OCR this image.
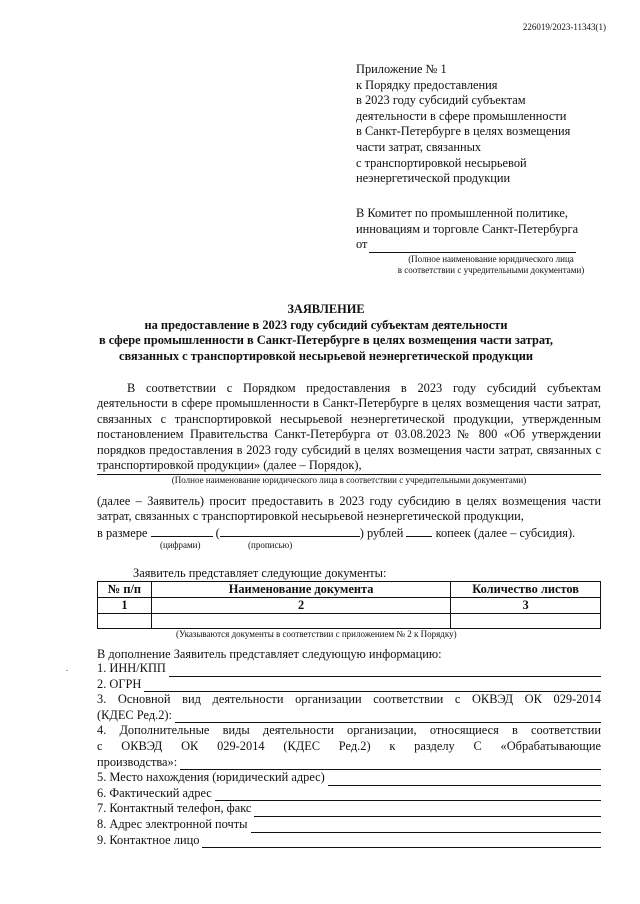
226019/2023-11343(1)
Приложение № 1
к Порядку предоставления
в 2023 году субсидий субъектам
деятельности в сфере промышленности
в Санкт-Петербурге в целях возмещения
части затрат, связанных
с транспортировкой несырьевой
неэнергетической продукции
В Комитет по промышленной политике,
инновациям и торговле Санкт-Петербурга
от
(Полное наименование юридического лица
в соответствии с учредительными документами)
ЗАЯВЛЕНИЕ
на предоставление в 2023 году субсидий субъектам деятельности
в сфере промышленности в Санкт-Петербурге в целях возмещения части затрат,
связанных с транспортировкой несырьевой неэнергетической продукции

В соответствии с Порядком предоставления в 2023 году субсидий субъектам деятельности в сфере промышленности в Санкт-Петербурге в целях возмещения части затрат, связанных с транспортировкой несырьевой неэнергетической продукции, утвержденным постановлением Правительства Санкт-Петербурга от 03.08.2023 № 800 «Об утверждении порядков предоставления в 2023 году субсидий в целях возмещения части затрат, связанных с транспортировкой продукции» (далее – Порядок),

(Полное наименование юридического лица в соответствии с учредительными документами)

(далее – Заявитель) просит предоставить в 2023 году субсидию в целях возмещения части затрат, связанных с транспортировкой несырьевой неэнергетической продукции,

в размере	(	) рублей	копеек (далее – субсидия).
(цифрами)	(прописью)
Заявитель представляет следующие документы:
№ п/п	Наименование документа	Количество листов
1	2	3

(Указываются документы в соответствии с приложением № 2 к Порядку)
.
В дополнение Заявитель представляет следующую информацию:
1. ИНН/КПП
2. ОГРН
3. Основной вид деятельности организации соответствии с ОКВЭД ОК 029-2014
(КДЕС Ред.2):
4. Дополнительные виды деятельности организации, относящиеся в соответствии
с ОКВЭД ОК 029-2014 (КДЕС Ред.2) к разделу С «Обрабатывающие
производства»:
5. Место нахождения (юридический адрес)
6. Фактический адрес
7. Контактный телефон, факс
8. Адрес электронной почты
9. Контактное лицо
